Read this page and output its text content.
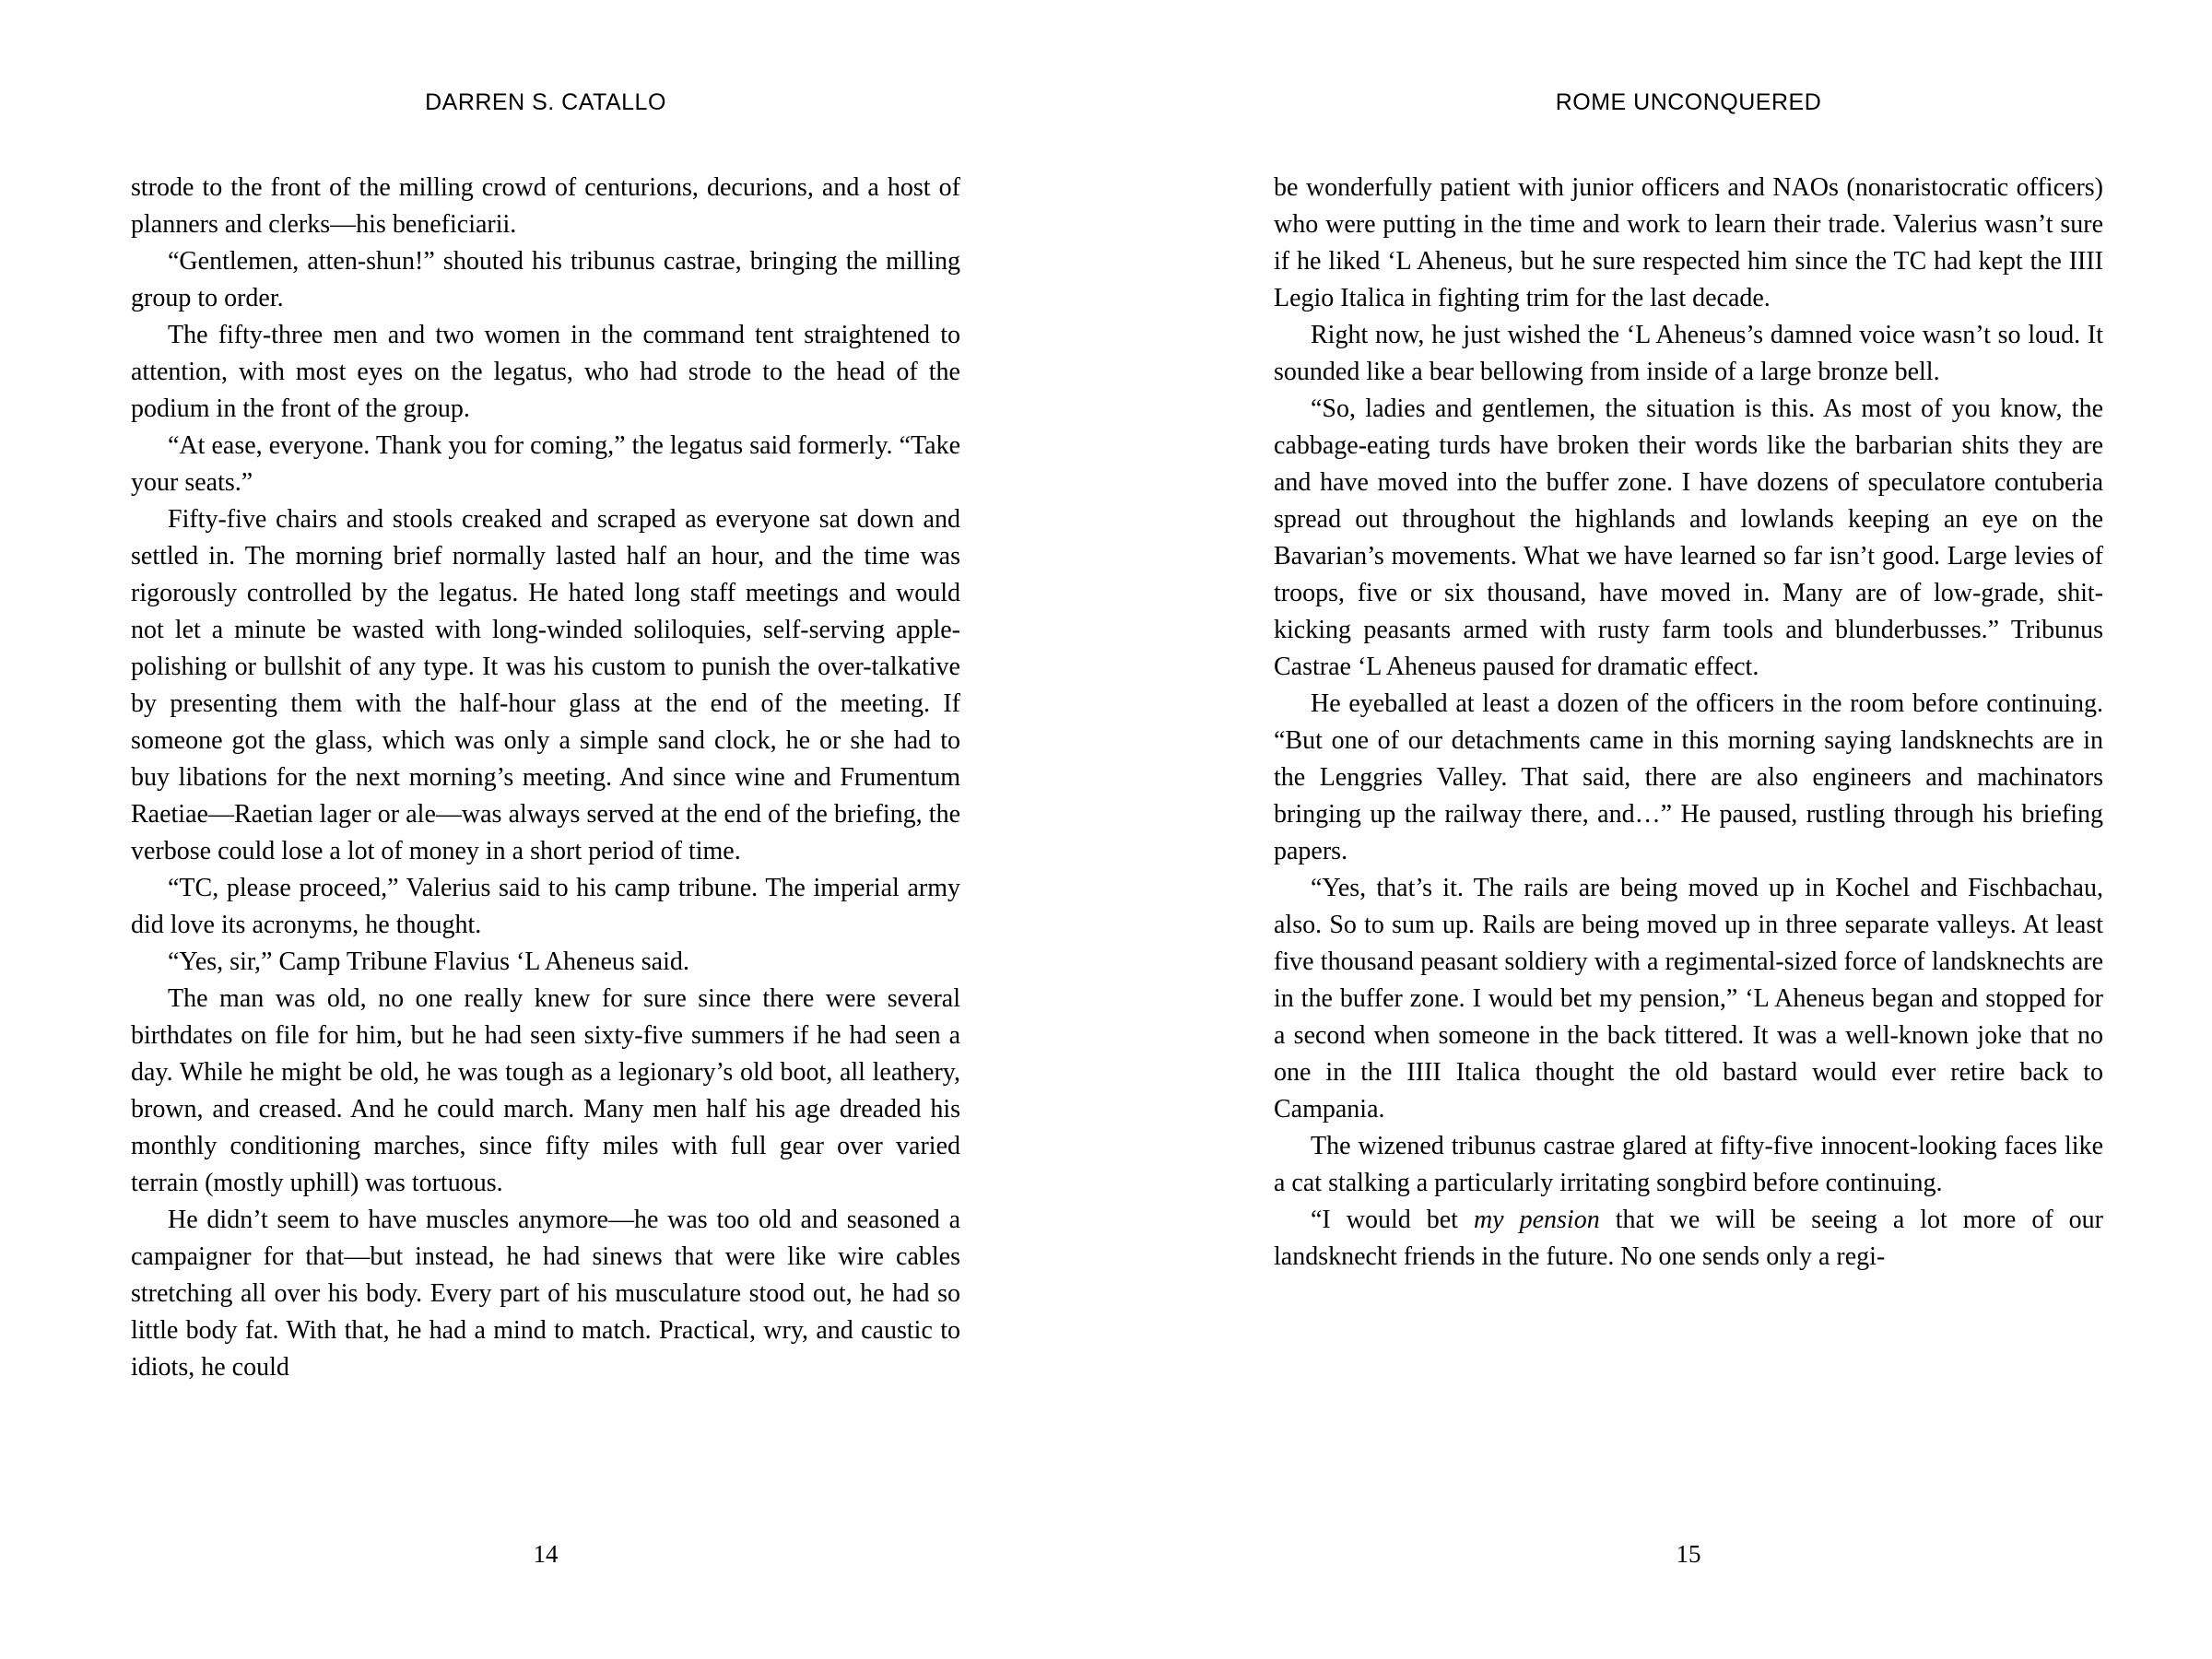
DARREN S. CATALLO

strode to the front of the milling crowd of centurions, decurions, and a host of planners and clerks—his beneficiarii.

“Gentlemen, atten-shun!” shouted his tribunus castrae, bringing the milling group to order.

The fifty-three men and two women in the command tent straightened to attention, with most eyes on the legatus, who had strode to the head of the podium in the front of the group.

“At ease, everyone. Thank you for coming,” the legatus said formerly. “Take your seats.”

Fifty-five chairs and stools creaked and scraped as everyone sat down and settled in. The morning brief normally lasted half an hour, and the time was rigorously controlled by the legatus. He hated long staff meetings and would not let a minute be wasted with long-winded soliloquies, self-serving apple-polishing or bullshit of any type. It was his custom to punish the over-talkative by presenting them with the half-hour glass at the end of the meeting. If someone got the glass, which was only a simple sand clock, he or she had to buy libations for the next morning’s meeting. And since wine and Frumentum Raetiae—Raetian lager or ale—was always served at the end of the briefing, the verbose could lose a lot of money in a short period of time.

“TC, please proceed,” Valerius said to his camp tribune. The imperial army did love its acronyms, he thought.

“Yes, sir,” Camp Tribune Flavius ‘L Aheneus said.

The man was old, no one really knew for sure since there were several birthdates on file for him, but he had seen sixty-five summers if he had seen a day. While he might be old, he was tough as a legionary’s old boot, all leathery, brown, and creased. And he could march. Many men half his age dreaded his monthly conditioning marches, since fifty miles with full gear over varied terrain (mostly uphill) was tortuous.

He didn’t seem to have muscles anymore—he was too old and seasoned a campaigner for that—but instead, he had sinews that were like wire cables stretching all over his body. Every part of his musculature stood out, he had so little body fat. With that, he had a mind to match. Practical, wry, and caustic to idiots, he could

14
ROME UNCONQUERED

be wonderfully patient with junior officers and NAOs (nonaristocratic officers) who were putting in the time and work to learn their trade. Valerius wasn’t sure if he liked ‘L Aheneus, but he sure respected him since the TC had kept the IIII Legio Italica in fighting trim for the last decade.

Right now, he just wished the ‘L Aheneus’s damned voice wasn’t so loud. It sounded like a bear bellowing from inside of a large bronze bell.

“So, ladies and gentlemen, the situation is this. As most of you know, the cabbage-eating turds have broken their words like the barbarian shits they are and have moved into the buffer zone. I have dozens of speculatore contuberia spread out throughout the highlands and lowlands keeping an eye on the Bavarian’s movements. What we have learned so far isn’t good. Large levies of troops, five or six thousand, have moved in. Many are of low-grade, shit-kicking peasants armed with rusty farm tools and blunderbusses.” Tribunus Castrae ‘L Aheneus paused for dramatic effect.

He eyeballed at least a dozen of the officers in the room before continuing. “But one of our detachments came in this morning saying landsknechts are in the Lenggries Valley. That said, there are also engineers and machinators bringing up the railway there, and…” He paused, rustling through his briefing papers.

“Yes, that’s it. The rails are being moved up in Kochel and Fischbachau, also. So to sum up. Rails are being moved up in three separate valleys. At least five thousand peasant soldiery with a regimental-sized force of landsknechts are in the buffer zone. I would bet my pension,” ‘L Aheneus began and stopped for a second when someone in the back tittered. It was a well-known joke that no one in the IIII Italica thought the old bastard would ever retire back to Campania.

The wizened tribunus castrae glared at fifty-five innocent-looking faces like a cat stalking a particularly irritating songbird before continuing.

“I would bet my pension that we will be seeing a lot more of our landsknecht friends in the future. No one sends only a regi-

15
